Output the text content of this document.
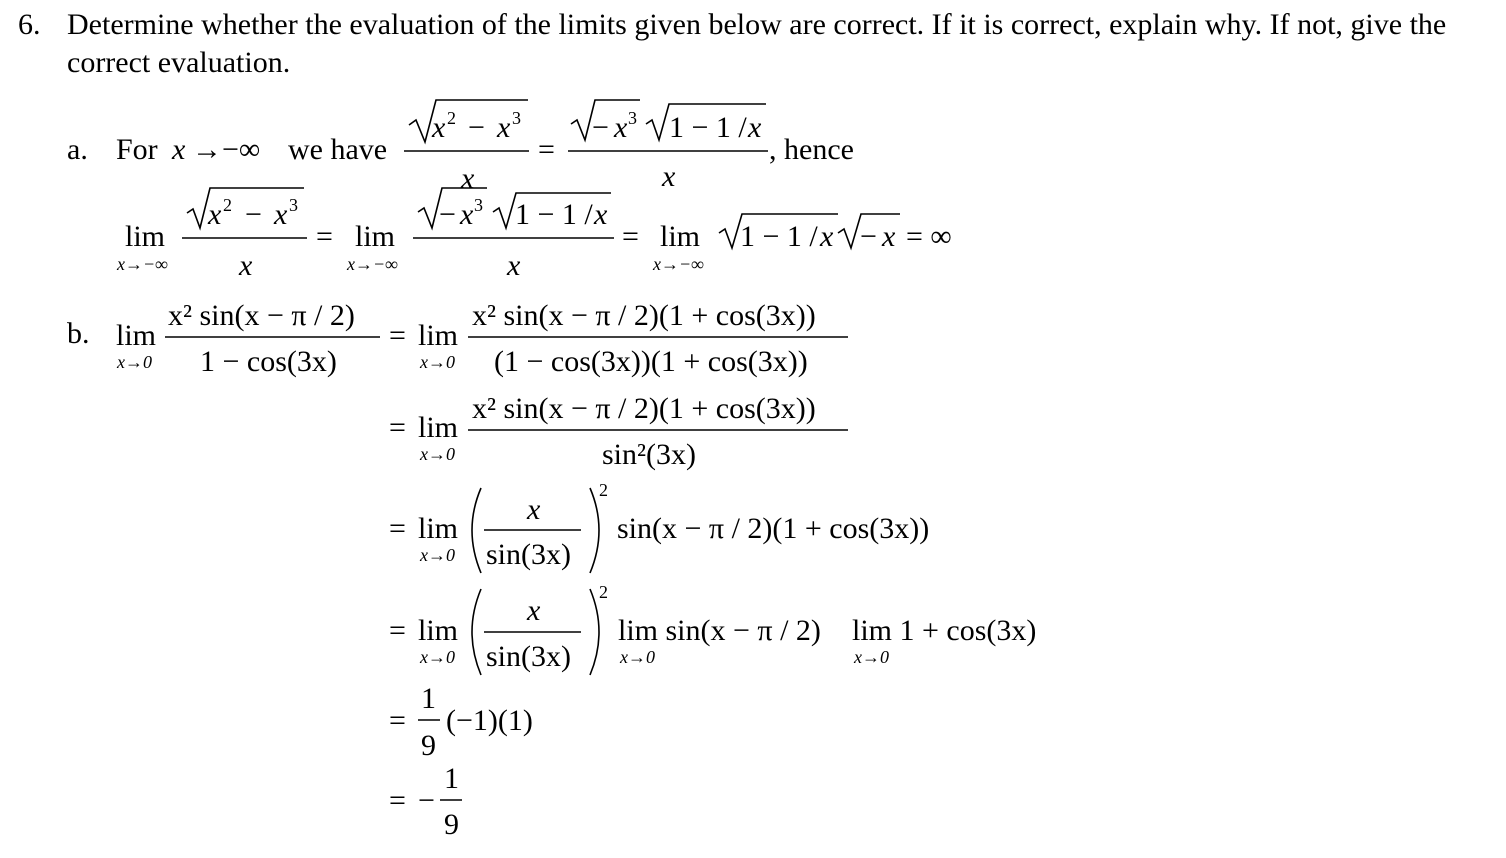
6. Determine whether the evaluation of the limits given below are correct. If it is correct, explain why. If not, give the correct evaluation.
a. For x →−∞ we have
x 2 − x 3
x
=
− x 3 1 − 1 / x
x
, hence
lim
x→−∞
x 2 − x 3
x
= lim
x→−∞
− x 3 1 − 1 / x
x
= lim
x→−∞
1 − 1 / x − x = ∞
b. lim
x→0
x² sin(x − π / 2)
1 − cos(3x)
= lim
x→0
x² sin(x − π / 2)(1 + cos(3x))
(1 − cos(3x))(1 + cos(3x))
= lim
x→0
x² sin(x − π / 2)(1 + cos(3x))
sin²(3x)
= lim
x→0
x
sin(3x)
2
sin(x − π / 2)(1 + cos(3x))
= lim
x→0
x
sin(3x)
2
lim sin(x − π / 2)
x→0
lim 1 + cos(3x)
x→0
=
1
9
(−1)(1)
= −
1
9
